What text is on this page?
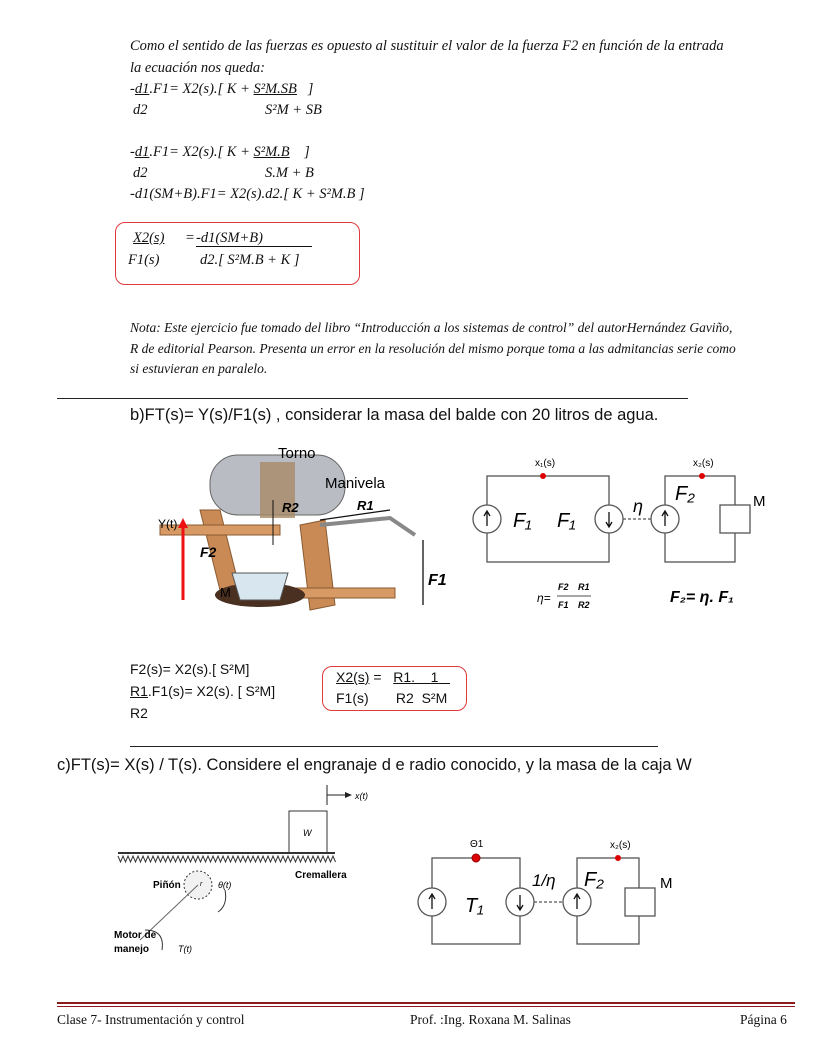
Como el sentido de las fuerzas es opuesto al sustituir el valor de la fuerza F2 en función de la entrada
la ecuación nos queda:
-d1.F1= X2(s).[ K + S²M.SB ]
d2	S²M + SB
-d1.F1= X2(s).[ K + S²M.B ]
d2	S.M + B
-d1(SM+B).F1= X2(s).d2.[ K + S²M.B ]
X2(s) = -d1(SM+B)
F1(s)	d2.[ S²M.B + K ]
Nota: Este ejercicio fue tomado del libro “Introducción a los sistemas de control” del autorHernández Gaviño,
R de editorial Pearson. Presenta un error en la resolución del mismo porque toma a las admitancias serie como
si estuvieran en paralelo.
b)FT(s)= Y(s)/F1(s) , considerar la masa del balde con 20 litros de agua.
Torno
Manivela
R2	R1
Y(t)
F2
M
F1
x₁(s)	x₂(s)
F₁ F₁
η
F₂	M
η=
F2
F1
R1
R2	F₂= η. F₁
F2(s)= X2(s).[ S²M]
R1.F1(s)= X2(s). [ S²M]
R2
X2(s) =   R1.    1
F1(s) R2 S²M
c)FT(s)= X(s) / T(s). Considere el engranaje d e radio conocido, y la masa de la caja W
x(t)
W
Cremallera
Piñón	r θ(t)
Motor de
manejo	T(t)
Θ1	x₂(s)
T₁
1/η F₂	M
Clase 7- Instrumentación y control	Prof. :Ing. Roxana M. Salinas	Página 6
